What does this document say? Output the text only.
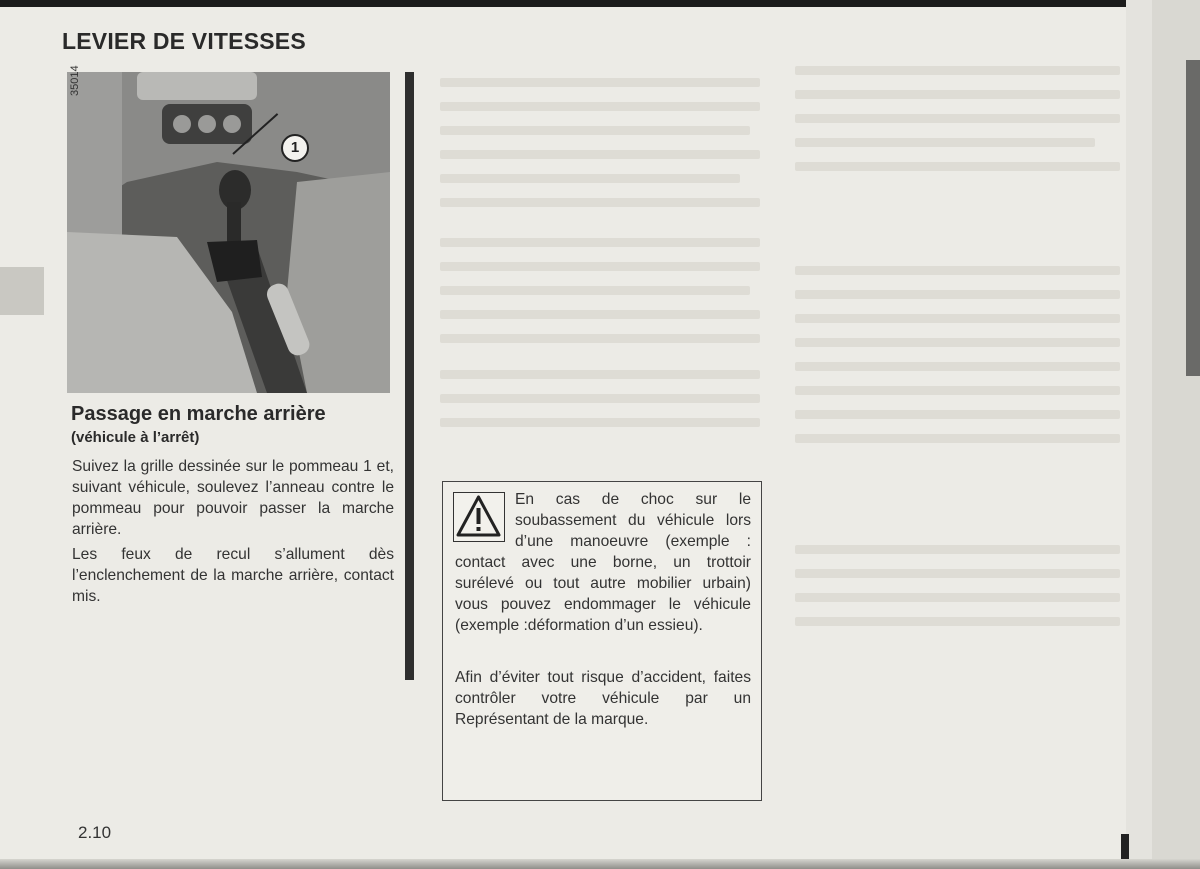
LEVIER DE VITESSES
35014
1
Passage en marche arrière
(véhicule à l’arrêt)

Suivez la grille dessinée sur le pommeau 1 et, suivant véhicule, soulevez l’anneau contre le pommeau pour pouvoir passer la marche arrière.

Les feux de recul s’allument dès l’enclenchement de la marche arrière, contact mis.

En cas de choc sur le soubassement du véhicule lors d’une manoeuvre (exemple : contact avec une borne, un trottoir surélevé ou tout autre mobilier urbain) vous pouvez endommager le véhicule (exemple :déformation d’un essieu).

Afin d’éviter tout risque d’accident, faites contrôler votre véhicule par un Représentant de la marque.

2.10
